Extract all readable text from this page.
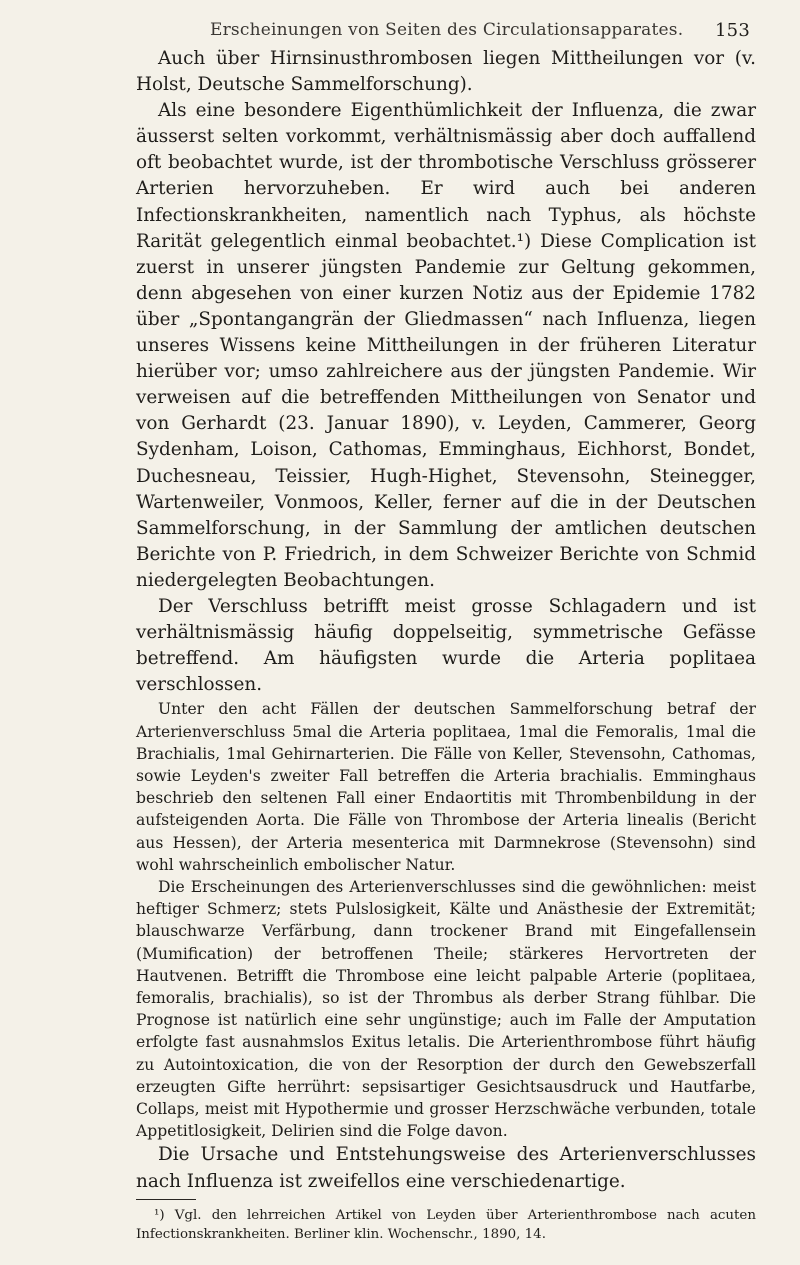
Erscheinungen von Seiten des Circulationsapparates. 153

Auch über Hirnsinusthrombosen liegen Mittheilungen vor (v. Holst, Deutsche Sammelforschung).

Als eine besondere Eigenthümlichkeit der Influenza, die zwar äusserst selten vorkommt, verhältnismässig aber doch auffallend oft beobachtet wurde, ist der thrombotische Verschluss grösserer Arterien hervorzuheben. Er wird auch bei anderen Infectionskrankheiten, namentlich nach Typhus, als höchste Rarität gelegentlich einmal beobachtet.¹) Diese Complication ist zuerst in unserer jüngsten Pandemie zur Geltung gekommen, denn abgesehen von einer kurzen Notiz aus der Epidemie 1782 über „Spontangangrän der Gliedmassen“ nach Influenza, liegen unseres Wissens keine Mittheilungen in der früheren Literatur hierüber vor; umso zahlreichere aus der jüngsten Pandemie. Wir verweisen auf die betreffenden Mittheilungen von Senator und von Gerhardt (23. Januar 1890), v. Leyden, Cammerer, Georg Sydenham, Loison, Cathomas, Emminghaus, Eichhorst, Bondet, Duchesneau, Teissier, Hugh-Highet, Stevensohn, Steinegger, Wartenweiler, Vonmoos, Keller, ferner auf die in der Deutschen Sammelforschung, in der Sammlung der amtlichen deutschen Berichte von P. Friedrich, in dem Schweizer Berichte von Schmid niedergelegten Beobachtungen.

Der Verschluss betrifft meist grosse Schlagadern und ist verhältnismässig häufig doppelseitig, symmetrische Gefässe betreffend. Am häufigsten wurde die Arteria poplitaea verschlossen.

Unter den acht Fällen der deutschen Sammelforschung betraf der Arterienverschluss 5mal die Arteria poplitaea, 1mal die Femoralis, 1mal die Brachialis, 1mal Gehirnarterien. Die Fälle von Keller, Stevensohn, Cathomas, sowie Leyden's zweiter Fall betreffen die Arteria brachialis. Emminghaus beschrieb den seltenen Fall einer Endaortitis mit Thrombenbildung in der aufsteigenden Aorta. Die Fälle von Thrombose der Arteria linealis (Bericht aus Hessen), der Arteria mesenterica mit Darmnekrose (Stevensohn) sind wohl wahrscheinlich embolischer Natur.

Die Erscheinungen des Arterienverschlusses sind die gewöhnlichen: meist heftiger Schmerz; stets Pulslosigkeit, Kälte und Anästhesie der Extremität; blauschwarze Verfärbung, dann trockener Brand mit Eingefallensein (Mumification) der betroffenen Theile; stärkeres Hervortreten der Hautvenen. Betrifft die Thrombose eine leicht palpable Arterie (poplitaea, femoralis, brachialis), so ist der Thrombus als derber Strang fühlbar. Die Prognose ist natürlich eine sehr ungünstige; auch im Falle der Amputation erfolgte fast ausnahmslos Exitus letalis. Die Arterienthrombose führt häufig zu Autointoxication, die von der Resorption der durch den Gewebszerfall erzeugten Gifte herrührt: sepsisartiger Gesichtsausdruck und Hautfarbe, Collaps, meist mit Hypothermie und grosser Herzschwäche verbunden, totale Appetitlosigkeit, Delirien sind die Folge davon.

Die Ursache und Entstehungsweise des Arterienverschlusses nach Influenza ist zweifellos eine verschiedenartige.

¹) Vgl. den lehrreichen Artikel von Leyden über Arterienthrombose nach acuten Infectionskrankheiten. Berliner klin. Wochenschr., 1890, 14.
